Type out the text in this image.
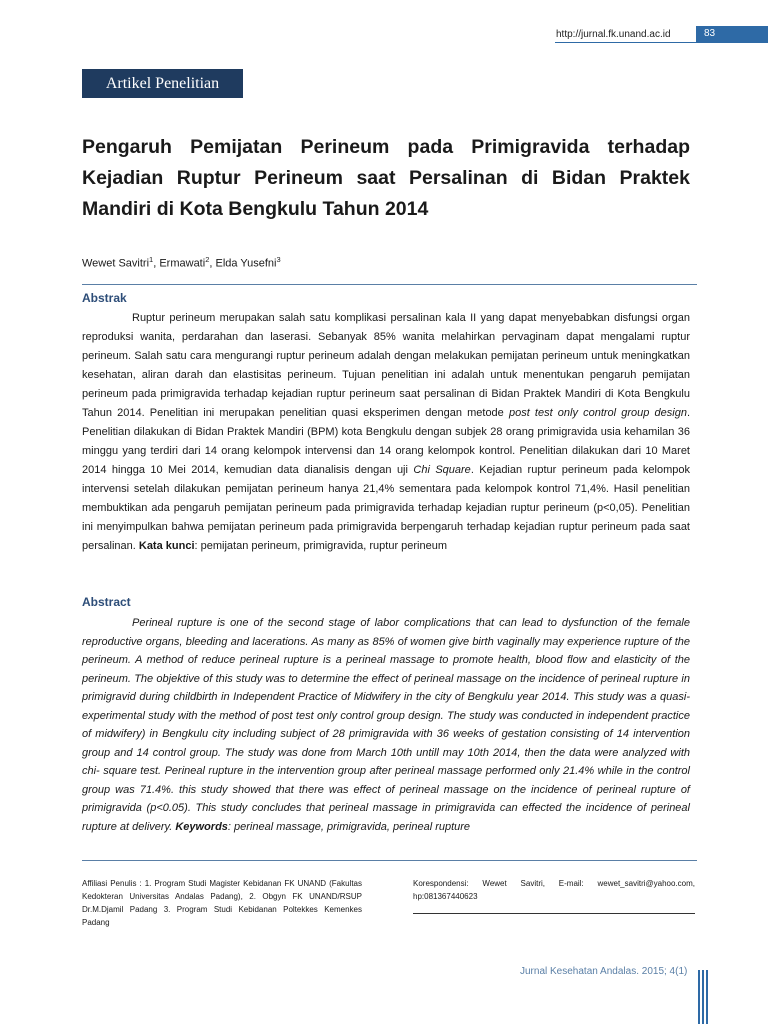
http://jurnal.fk.unand.ac.id	83
Artikel Penelitian
Pengaruh Pemijatan Perineum pada Primigravida terhadap Kejadian Ruptur Perineum saat Persalinan di Bidan Praktek Mandiri di Kota Bengkulu Tahun 2014
Wewet Savitri$^1$, Ermawati$^2$, Elda Yusefni$^3$
Abstrak
Ruptur perineum merupakan salah satu komplikasi persalinan kala II yang dapat menyebabkan disfungsi organ reproduksi wanita, perdarahan dan laserasi. Sebanyak 85% wanita melahirkan pervaginam dapat mengalami ruptur perineum. Salah satu cara mengurangi ruptur perineum adalah dengan melakukan pemijatan perineum untuk meningkatkan kesehatan, aliran darah dan elastisitas perineum. Tujuan penelitian ini adalah untuk menentukan pengaruh pemijatan perineum pada primigravida terhadap kejadian ruptur perineum saat persalinan di Bidan Praktek Mandiri di Kota Bengkulu Tahun 2014. Penelitian ini merupakan penelitian quasi eksperimen dengan metode post test only control group design. Penelitian dilakukan di Bidan Praktek Mandiri (BPM) kota Bengkulu dengan subjek 28 orang primigravida usia kehamilan 36 minggu yang terdiri dari 14 orang kelompok intervensi dan 14 orang kelompok kontrol. Penelitian dilakukan dari 10 Maret 2014 hingga 10 Mei 2014, kemudian data dianalisis dengan uji Chi Square. Kejadian ruptur perineum pada kelompok intervensi setelah dilakukan pemijatan perineum hanya 21,4% sementara pada kelompok kontrol 71,4%. Hasil penelitian membuktikan ada pengaruh pemijatan perineum pada primigravida terhadap kejadian ruptur perineum (p<0,05). Penelitian ini menyimpulkan bahwa pemijatan perineum pada primigravida berpengaruh terhadap kejadian ruptur perineum pada saat persalinan. Kata kunci: pemijatan perineum, primigravida, ruptur perineum
Abstract
Perineal rupture is one of the second stage of labor complications that can lead to dysfunction of the female reproductive organs, bleeding and lacerations. As many as 85% of women give birth vaginally may experience rupture of the perineum. A method of reduce perineal rupture is a perineal massage to promote health, blood flow and elasticity of the perineum. The objektive of this study was to determine the effect of perineal massage on the incidence of perineal rupture in primigravid during childbirth in Independent Practice of Midwifery in the city of Bengkulu year 2014. This study was a quasi-experimental study with the method of post test only control group design. The study was conducted in independent practice of midwifery) in Bengkulu city including subject of 28 primigravida with 36 weeks of gestation consisting of 14 intervention group and 14 control group. The study was done from March 10th untill may 10th 2014, then the data were analyzed with chi- square test. Perineal rupture in the intervention group after perineal massage performed only 21.4% while in the control group was 71.4%. this study showed that there was effect of perineal massage on the incidence of perineal rupture of primigravida (p<0.05). This study concludes that perineal massage in primigravida can effected the incidence of perineal rupture at delivery. Keywords: perineal massage, primigravida, perineal rupture
Affiliasi Penulis : 1. Program Studi Magister Kebidanan FK UNAND (Fakultas Kedokteran Universitas Andalas Padang), 2. Obgyn FK UNAND/RSUP Dr.M.Djamil Padang 3. Program Studi Kebidanan Poltekkes Kemenkes Padang
Korespondensi: Wewet Savitri, E-mail: wewet_savitri@yahoo.com, hp:081367440623
Jurnal Kesehatan Andalas. 2015; 4(1)
